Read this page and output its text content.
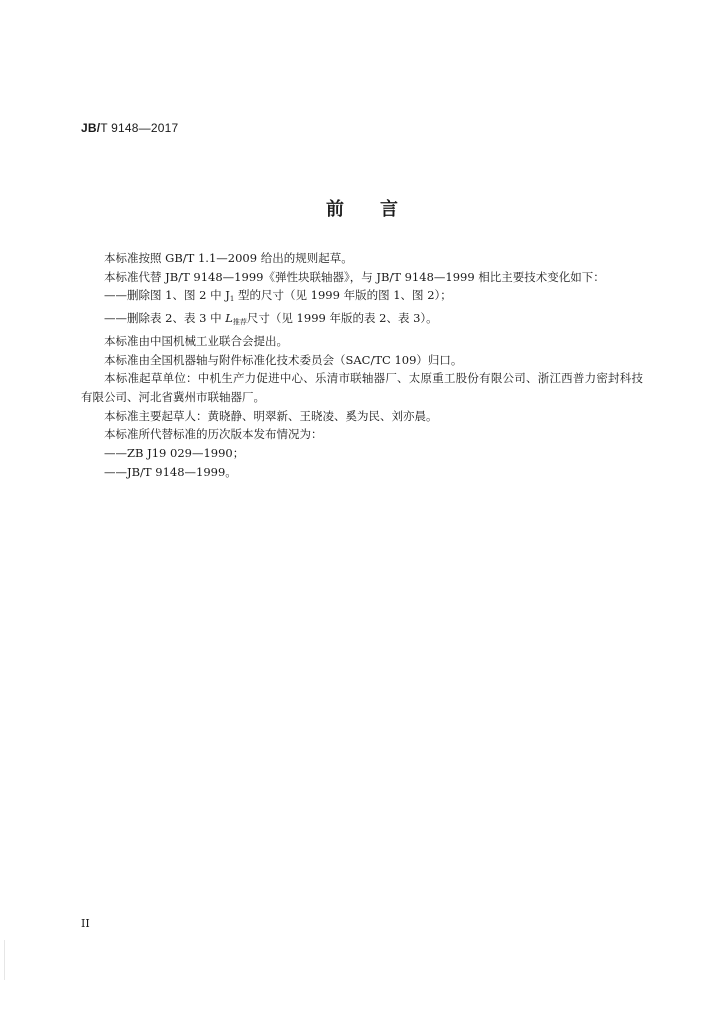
JB/T 9148—2017
前言

本标准按照 GB/T 1.1—2009 给出的规则起草。

本标准代替 JB/T 9148—1999《弹性块联轴器》，与 JB/T 9148—1999 相比主要技术变化如下：

——删除图 1、图 2 中 $J_1$ 型的尺寸（见 1999 年版的图 1、图 2）；

——删除表 2、表 3 中 $L_{推荐}$尺寸（见 1999 年版的表 2、表 3）。

本标准由中国机械工业联合会提出。

本标准由全国机器轴与附件标准化技术委员会（SAC/TC 109）归口。

本标准起草单位：中机生产力促进中心、乐清市联轴器厂、太原重工股份有限公司、浙江西普力密封科技有限公司、河北省冀州市联轴器厂。

本标准主要起草人：黄晓静、明翠新、王晓凌、奚为民、刘亦晨。

本标准所代替标准的历次版本发布情况为：

——ZB J19 029—1990；

——JB/T 9148—1999。

II
